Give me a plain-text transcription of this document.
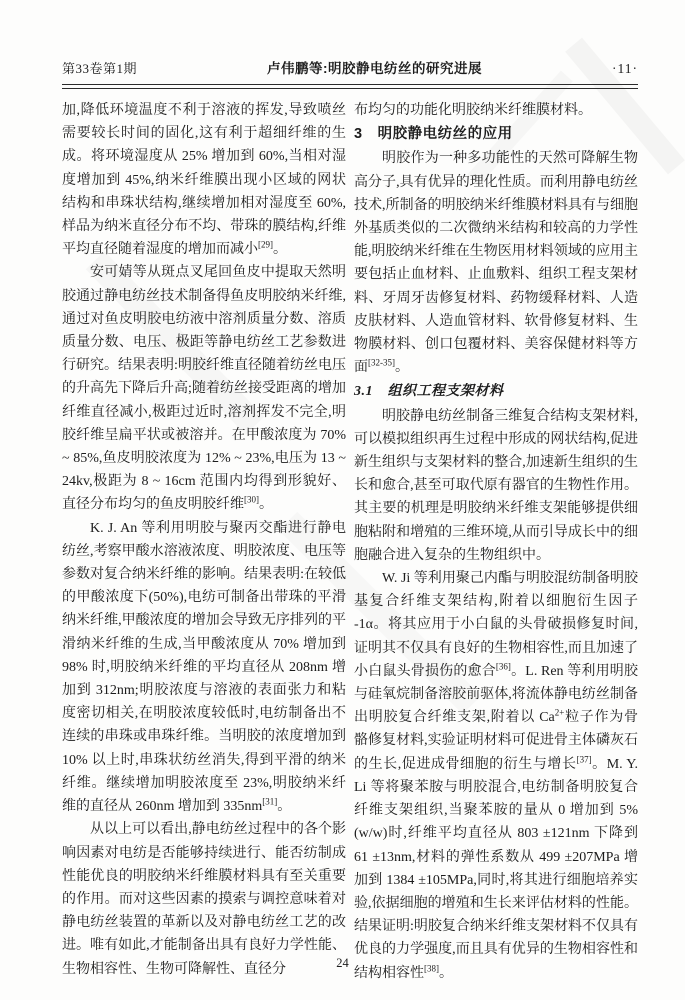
第33卷第1期	卢伟鹏等:明胶静电纺丝的研究进展	·11·

加,降低环境温度不利于溶液的挥发,导致喷丝需要较长时间的固化,这有利于超细纤维的生成。将环境湿度从 25% 增加到 60%,当相对湿度增加到 45%,纳米纤维膜出现小区域的网状结构和串珠状结构,继续增加相对湿度至 60%,样品为纳米直径分布不均、带珠的膜结构,纤维平均直径随着湿度的增加而减小[29]。

安可婧等从斑点叉尾回鱼皮中提取天然明胶通过静电纺丝技术制备得鱼皮明胶纳米纤维,通过对鱼皮明胶电纺液中溶剂质量分数、溶质质量分数、电压、极距等静电纺丝工艺参数进行研究。结果表明:明胶纤维直径随着纺丝电压的升高先下降后升高;随着纺丝接受距离的增加纤维直径减小,极距过近时,溶剂挥发不完全,明胶纤维呈扁平状或被溶并。在甲酸浓度为 70% ~ 85%,鱼皮明胶浓度为 12% ~ 23%,电压为 13 ~ 24kv,极距为 8 ~ 16cm 范围内均得到形貌好、直径分布均匀的鱼皮明胶纤维[30]。

K. J. An 等利用明胶与聚丙交酯进行静电纺丝,考察甲酸水溶液浓度、明胶浓度、电压等参数对复合纳米纤维的影响。结果表明:在较低的甲酸浓度下(50%),电纺可制备出带珠的平滑纳米纤维,甲酸浓度的增加会导致无序排列的平滑纳米纤维的生成,当甲酸浓度从 70% 增加到 98% 时,明胶纳米纤维的平均直径从 208nm 增加到 312nm;明胶浓度与溶液的表面张力和粘度密切相关,在明胶浓度较低时,电纺制备出不连续的串珠或串珠纤维。当明胶的浓度增加到 10% 以上时,串珠状纺丝消失,得到平滑的纳米纤维。继续增加明胶浓度至 23%,明胶纳米纤维的直径从 260nm 增加到 335nm[31]。

从以上可以看出,静电纺丝过程中的各个影响因素对电纺是否能够持续进行、能否纺制成性能优良的明胶纳米纤维膜材料具有至关重要的作用。而对这些因素的摸索与调控意味着对静电纺丝装置的革新以及对静电纺丝工艺的改进。唯有如此,才能制备出具有良好力学性能、生物相容性、生物可降解性、直径分

布均匀的功能化明胶纳米纤维膜材料。

3　明胶静电纺丝的应用

明胶作为一种多功能性的天然可降解生物高分子,具有优异的理化性质。而利用静电纺丝技术,所制备的明胶纳米纤维膜材料具有与细胞外基质类似的二次微纳米结构和较高的力学性能,明胶纳米纤维在生物医用材料领域的应用主要包括止血材料、止血敷料、组织工程支架材料、牙周牙齿修复材料、药物缓释材料、人造皮肤材料、人造血管材料、软骨修复材料、生物膜材料、创口包覆材料、美容保健材料等方面[32-35]。

3.1　组织工程支架材料

明胶静电纺丝制备三维复合结构支架材料,可以模拟组织再生过程中形成的网状结构,促进新生组织与支架材料的整合,加速新生组织的生长和愈合,甚至可取代原有器官的生物性作用。其主要的机理是明胶纳米纤维支架能够提供细胞粘附和增殖的三维环境,从而引导成长中的细胞融合进入复杂的生物组织中。

W. Ji 等利用聚己内酯与明胶混纺制备明胶基复合纤维支架结构,附着以细胞衍生因子 -1α。将其应用于小白鼠的头骨破损修复时间,证明其不仅具有良好的生物相容性,而且加速了小白鼠头骨损伤的愈合[36]。L. Ren 等利用明胶与硅氧烷制备溶胶前驱体,将流体静电纺丝制备出明胶复合纤维支架,附着以 Ca$^{2+}$粒子作为骨骼修复材料,实验证明材料可促进骨主体磷灰石的生长,促进成骨细胞的衍生与增长[37]。M. Y. Li 等将聚苯胺与明胶混合,电纺制备明胶复合纤维支架组织,当聚苯胺的量从 0 增加到 5%(w/w)时,纤维平均直径从 803 ±121nm 下降到 61 ±13nm,材料的弹性系数从 499 ±207MPa 增加到 1384 ±105MPa,同时,将其进行细胞培养实验,依据细胞的增殖和生长来评估材料的性能。结果证明:明胶复合纳米纤维支架材料不仅具有优良的力学强度,而且具有优异的生物相容性和结构相容性[38]。

24
